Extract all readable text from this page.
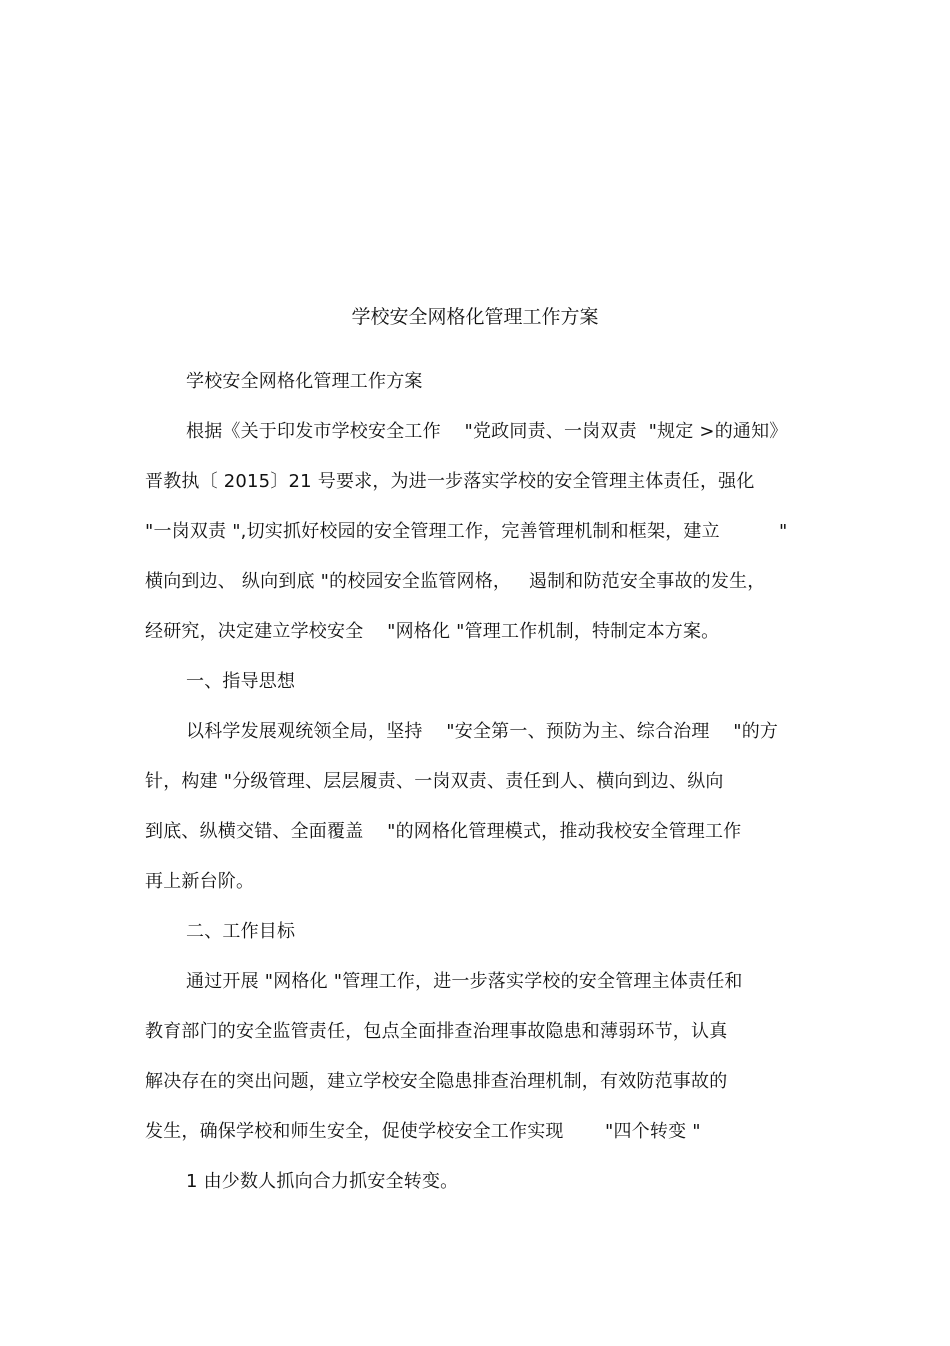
学校安全网格化管理工作方案
学校安全网格化管理工作方案
根据《关于印发市学校安全工作    "党政同责、一岗双责  "规定 >的通知》
晋教执〔 2015〕21 号要求，为进一步落实学校的安全管理主体责任，强化
"一岗双责 ",切实抓好校园的安全管理工作，完善管理机制和框架，建立          "
横向到边、 纵向到底 "的校园安全监管网格，   遏制和防范安全事故的发生，
经研究，决定建立学校安全    "网格化 "管理工作机制，特制定本方案。
一、指导思想
以科学发展观统领全局，坚持    "安全第一、预防为主、综合治理    "的方
针，构建 "分级管理、层层履责、一岗双责、责任到人、横向到边、纵向
到底、纵横交错、全面覆盖    "的网格化管理模式，推动我校安全管理工作
再上新台阶。
二、工作目标
通过开展 "网格化 "管理工作，进一步落实学校的安全管理主体责任和
教育部门的安全监管责任，包点全面排查治理事故隐患和薄弱环节，认真
解决存在的突出问题，建立学校安全隐患排查治理机制，有效防范事故的
发生，确保学校和师生安全，促使学校安全工作实现       "四个转变 "
1 由少数人抓向合力抓安全转变。
